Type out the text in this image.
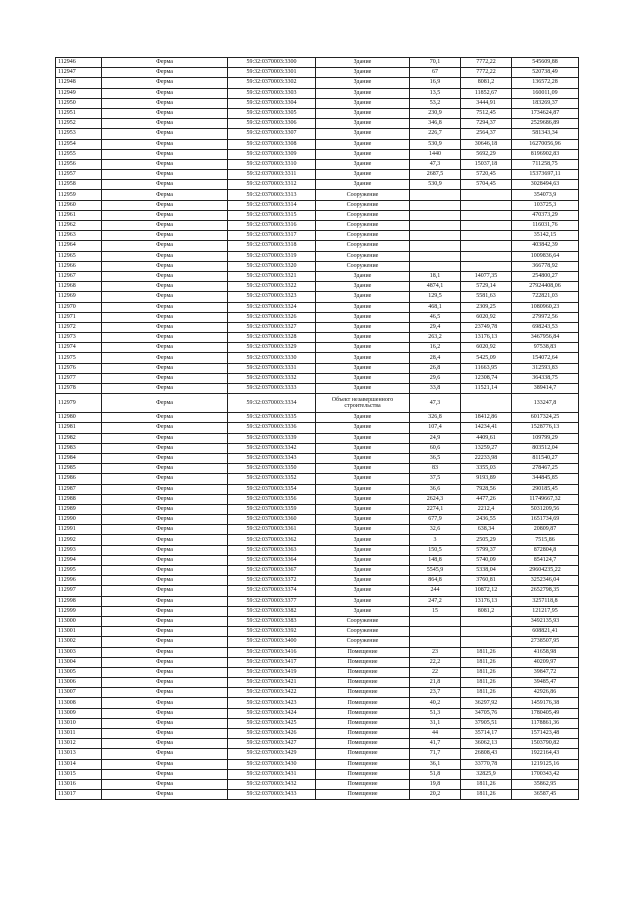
112946	Ферма	59:32:0370003:3300	Здание	70,1	7772,22	545609,88
112947	Ферма	59:32:0370003:3301	Здание	67	7772,22	520738,49
112948	Ферма	59:32:0370003:3302	Здание	16,9	8081,2	136572,28
112949	Ферма	59:32:0370003:3303	Здание	13,5	11852,67	160011,09
112950	Ферма	59:32:0370003:3304	Здание	53,2	3444,91	183269,37
112951	Ферма	59:32:0370003:3305	Здание	230,9	7512,45	1734624,87
112952	Ферма	59:32:0370003:3306	Здание	346,8	7294,37	2529686,89
112953	Ферма	59:32:0370003:3307	Здание	226,7	2564,37	581343,34
112954	Ферма	59:32:0370003:3308	Здание	530,9	30646,18	16270056,96
112955	Ферма	59:32:0370003:3309	Здание	1440	5692,29	8196902,83
112956	Ферма	59:32:0370003:3310	Здание	47,3	15037,18	711258,75
112957	Ферма	59:32:0370003:3311	Здание	2687,5	5720,45	15373697,11
112958	Ферма	59:32:0370003:3312	Здание	530,9	5704,45	3028494,63
112959	Ферма	59:32:0370003:3313	Сооружение			354073,9
112960	Ферма	59:32:0370003:3314	Сооружение			103725,3
112961	Ферма	59:32:0370003:3315	Сооружение			470373,29
112962	Ферма	59:32:0370003:3316	Сооружение			116031,76
112963	Ферма	59:32:0370003:3317	Сооружение			35142,15
112964	Ферма	59:32:0370003:3318	Сооружение			403842,39
112965	Ферма	59:32:0370003:3319	Сооружение			1009836,64
112966	Ферма	59:32:0370003:3320	Сооружение			366778,92
112967	Ферма	59:32:0370003:3321	Здание	18,1	14077,35	254800,27
112968	Ферма	59:32:0370003:3322	Здание	4874,1	5729,14	27924408,06
112969	Ферма	59:32:0370003:3323	Здание	129,5	5581,63	722821,03
112970	Ферма	59:32:0370003:3324	Здание	468,1	2309,25	1080960,23
112971	Ферма	59:32:0370003:3326	Здание	46,5	6020,92	279972,56
112972	Ферма	59:32:0370003:3327	Здание	29,4	23749,78	698243,53
112973	Ферма	59:32:0370003:3328	Здание	263,2	13176,13	3467956,84
112974	Ферма	59:32:0370003:3329	Здание	16,2	6020,92	97538,83
112975	Ферма	59:32:0370003:3330	Здание	28,4	5425,09	154072,64
112976	Ферма	59:32:0370003:3331	Здание	26,8	11663,95	312593,83
112977	Ферма	59:32:0370003:3332	Здание	29,6	12308,74	364338,75
112978	Ферма	59:32:0370003:3333	Здание	33,8	11521,14	389414,7
112979	Ферма	59:32:0370003:3334	Объект незавершенного строительства	47,3		133247,8
112980	Ферма	59:32:0370003:3335	Здание	326,8	18412,86	6017324,25
112981	Ферма	59:32:0370003:3336	Здание	107,4	14234,41	1528776,13
112982	Ферма	59:32:0370003:3339	Здание	24,9	4409,61	109799,29
112983	Ферма	59:32:0370003:3342	Здание	60,6	13259,27	803512,04
112984	Ферма	59:32:0370003:3343	Здание	36,5	22233,98	811540,27
112985	Ферма	59:32:0370003:3350	Здание	83	3355,03	278467,25
112986	Ферма	59:32:0370003:3352	Здание	37,5	9193,89	344845,85
112987	Ферма	59:32:0370003:3354	Здание	36,6	7928,56	290185,45
112988	Ферма	59:32:0370003:3356	Здание	2624,3	4477,26	11749667,32
112989	Ферма	59:32:0370003:3359	Здание	2274,1	2212,4	5031209,56
112990	Ферма	59:32:0370003:3360	Здание	677,9	2436,55	1651734,69
112991	Ферма	59:32:0370003:3361	Здание	32,6	638,34	20809,87
112992	Ферма	59:32:0370003:3362	Здание	3	2505,29	7515,86
112993	Ферма	59:32:0370003:3363	Здание	150,5	5799,37	872804,8
112994	Ферма	59:32:0370003:3364	Здание	148,8	5740,09	854124,7
112995	Ферма	59:32:0370003:3367	Здание	5545,9	5338,04	29604235,22
112996	Ферма	59:32:0370003:3372	Здание	864,8	3760,81	3252346,04
112997	Ферма	59:32:0370003:3374	Здание	244	10872,12	2652798,35
112998	Ферма	59:32:0370003:3377	Здание	247,2	13176,13	3257118,8
112999	Ферма	59:32:0370003:3382	Здание	15	8081,2	121217,95
113000	Ферма	59:32:0370003:3383	Сооружение			3492135,93
113001	Ферма	59:32:0370003:3392	Сооружение			608821,41
113002	Ферма	59:32:0370003:3400	Сооружение			2738507,95
113003	Ферма	59:32:0370003:3416	Помещение	23	1811,26	41658,98
113004	Ферма	59:32:0370003:3417	Помещение	22,2	1811,26	40209,97
113005	Ферма	59:32:0370003:3419	Помещение	22	1811,26	39847,72
113006	Ферма	59:32:0370003:3421	Помещение	21,8	1811,26	39485,47
113007	Ферма	59:32:0370003:3422	Помещение	23,7	1811,26	42926,86
113008	Ферма	59:32:0370003:3423	Помещение	40,2	36297,92	1459176,38
113009	Ферма	59:32:0370003:3424	Помещение	51,3	34705,76	1780405,49
113010	Ферма	59:32:0370003:3425	Помещение	31,1	37905,51	1178861,36
113011	Ферма	59:32:0370003:3426	Помещение	44	35714,17	1571423,48
113012	Ферма	59:32:0370003:3427	Помещение	41,7	36062,13	1503790,82
113013	Ферма	59:32:0370003:3429	Помещение	71,7	26808,43	1922164,43
113014	Ферма	59:32:0370003:3430	Помещение	36,1	33770,78	1219125,16
113015	Ферма	59:32:0370003:3431	Помещение	51,8	32825,9	1700343,42
113016	Ферма	59:32:0370003:3432	Помещение	19,8	1811,26	35862,95
113017	Ферма	59:32:0370003:3433	Помещение	20,2	1811,26	36587,45
